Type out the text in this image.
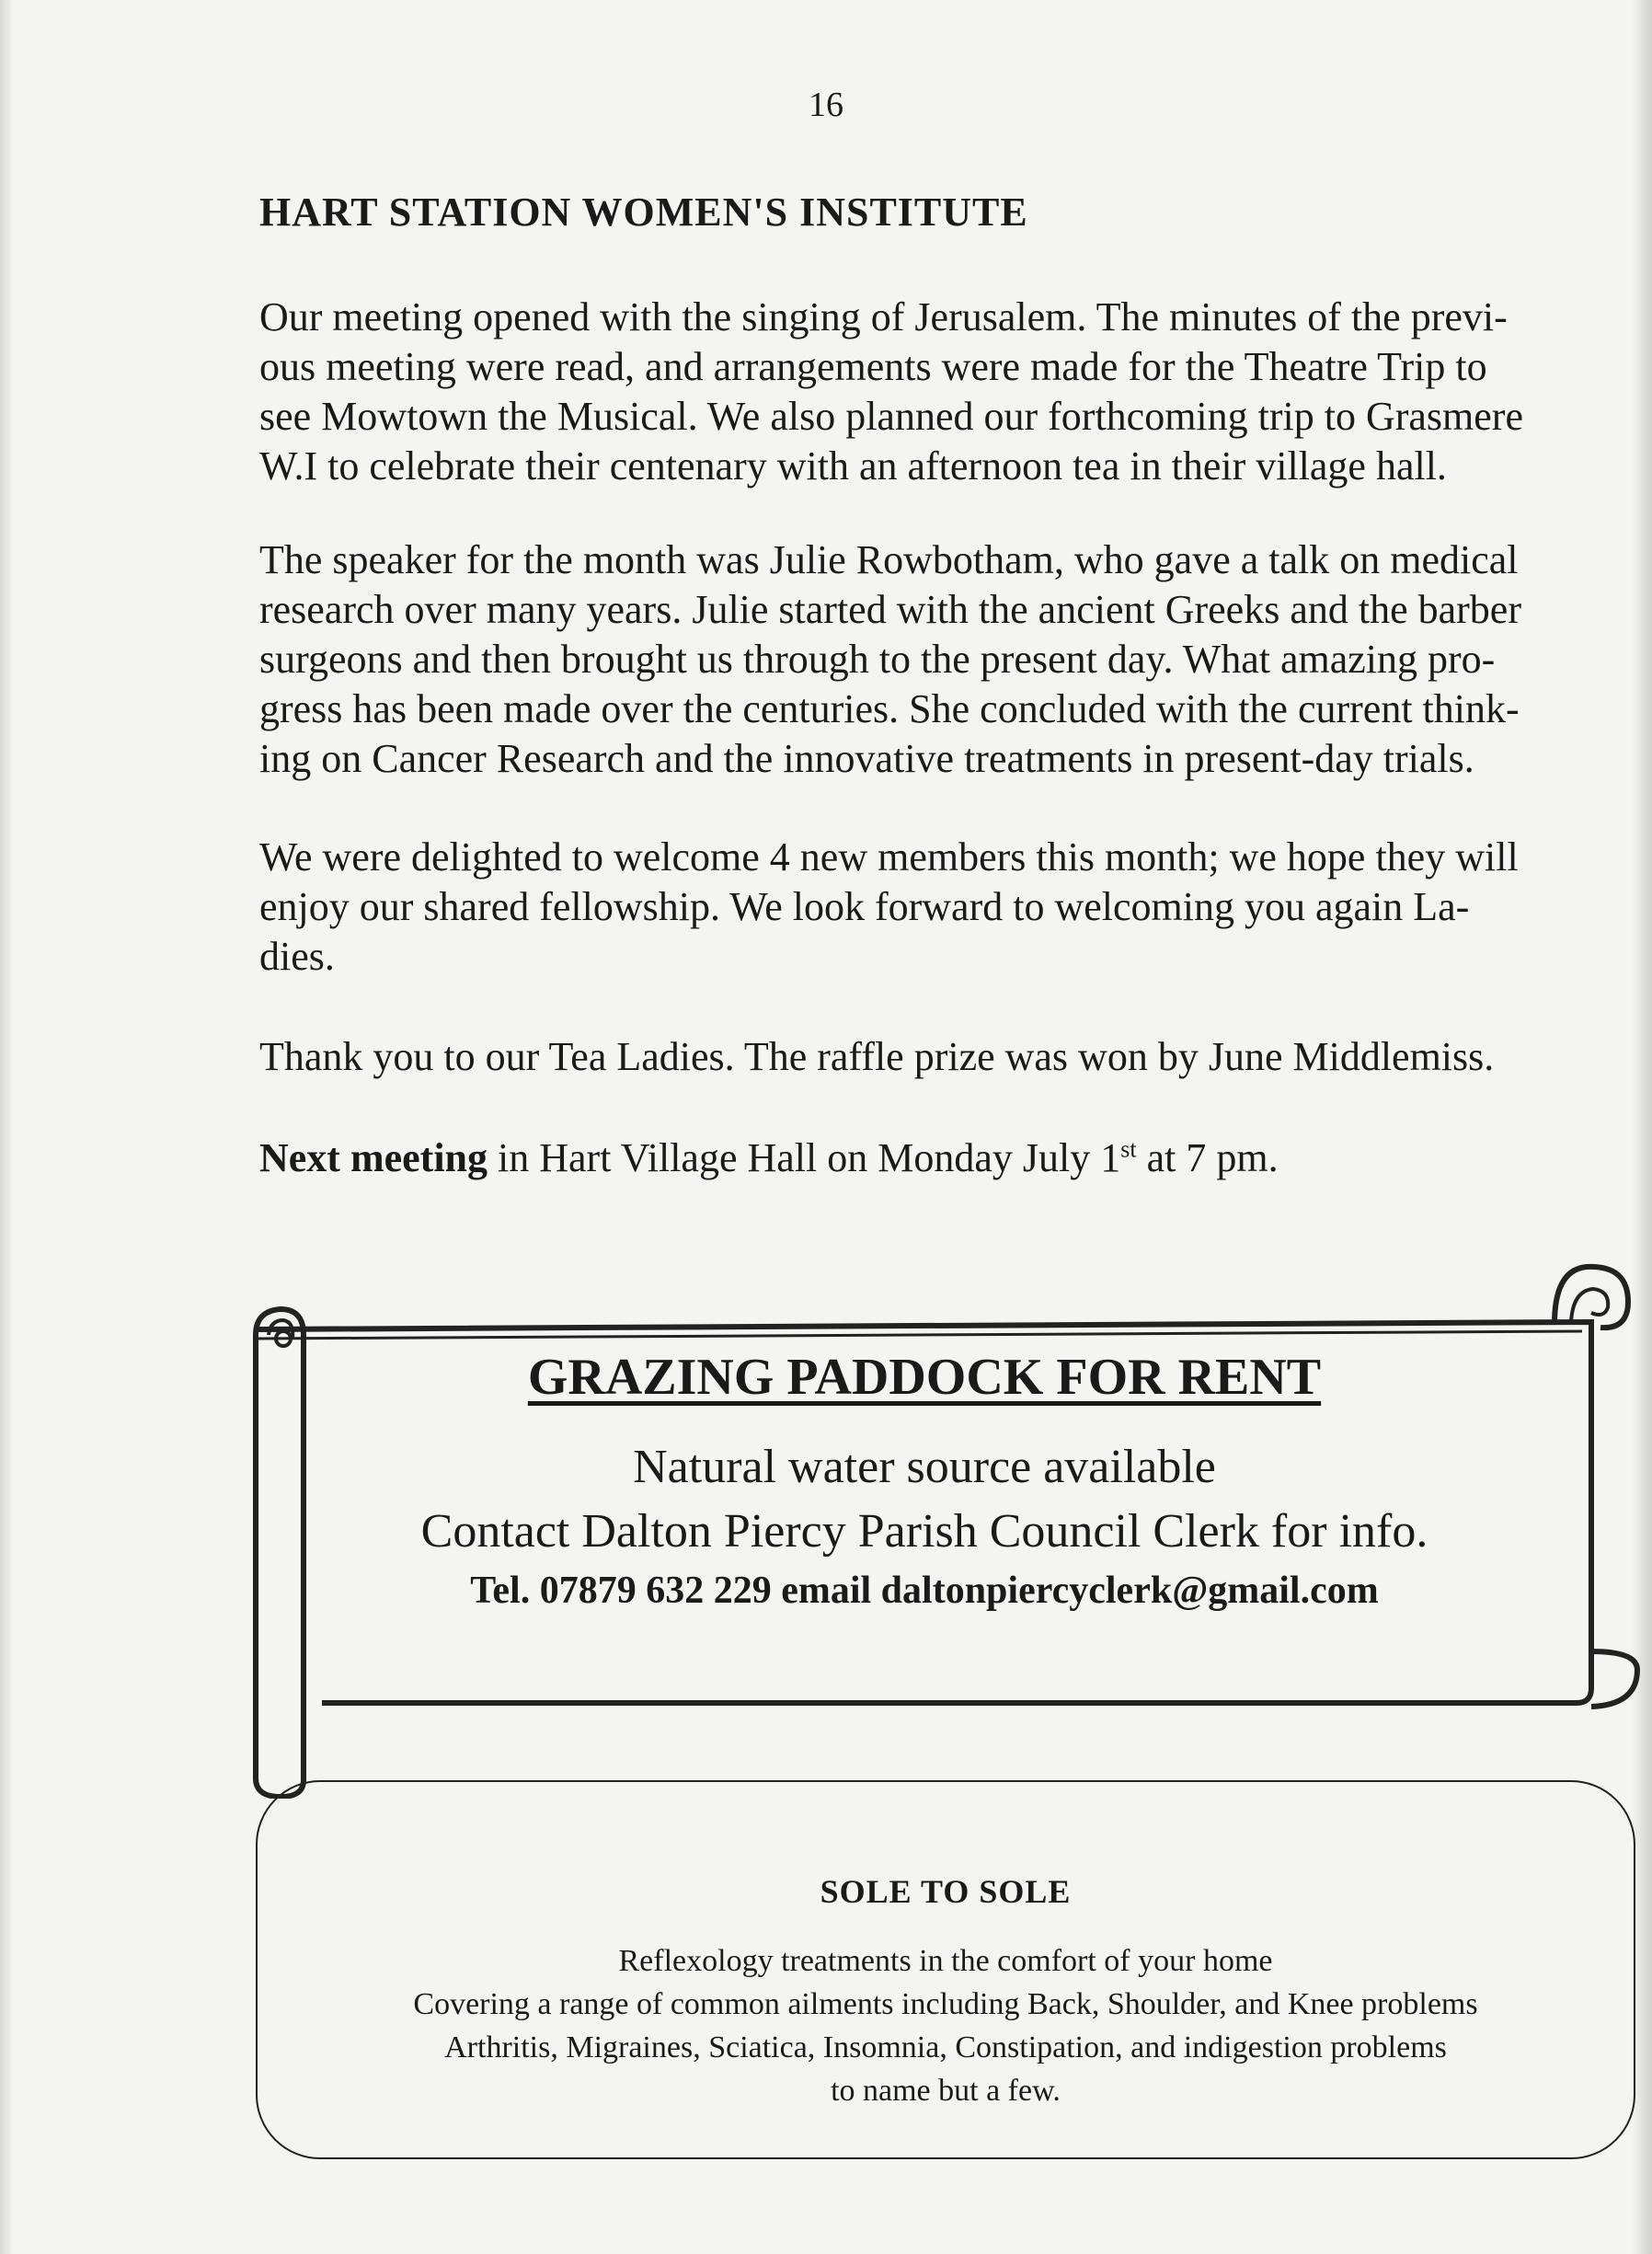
16
HART STATION WOMEN'S INSTITUTE

Our meeting opened with the singing of Jerusalem. The minutes of the previ-
ous meeting were read, and arrangements were made for the Theatre Trip to
see Mowtown the Musical. We also planned our forthcoming trip to Grasmere
W.I to celebrate their centenary with an afternoon tea in their village hall.

The speaker for the month was Julie Rowbotham, who gave a talk on medical
research over many years. Julie started with the ancient Greeks and the barber
surgeons and then brought us through to the present day. What amazing pro-
gress has been made over the centuries. She concluded with the current think-
ing on Cancer Research and the innovative treatments in present-day trials.

We were delighted to welcome 4 new members this month; we hope they will
enjoy our shared fellowship. We look forward to welcoming you again La-
dies.

Thank you to our Tea Ladies. The raffle prize was won by June Middlemiss.

Next meeting in Hart Village Hall on Monday July 1st at 7 pm.

GRAZING PADDOCK FOR RENT
Natural water source available
Contact Dalton Piercy Parish Council Clerk for info.
Tel. 07879 632 229 email daltonpiercyclerk@gmail.com
SOLE TO SOLE
Reflexology treatments in the comfort of your home
Covering a range of common ailments including Back, Shoulder, and Knee problems
Arthritis, Migraines, Sciatica, Insomnia, Constipation, and indigestion problems
to name but a few.
